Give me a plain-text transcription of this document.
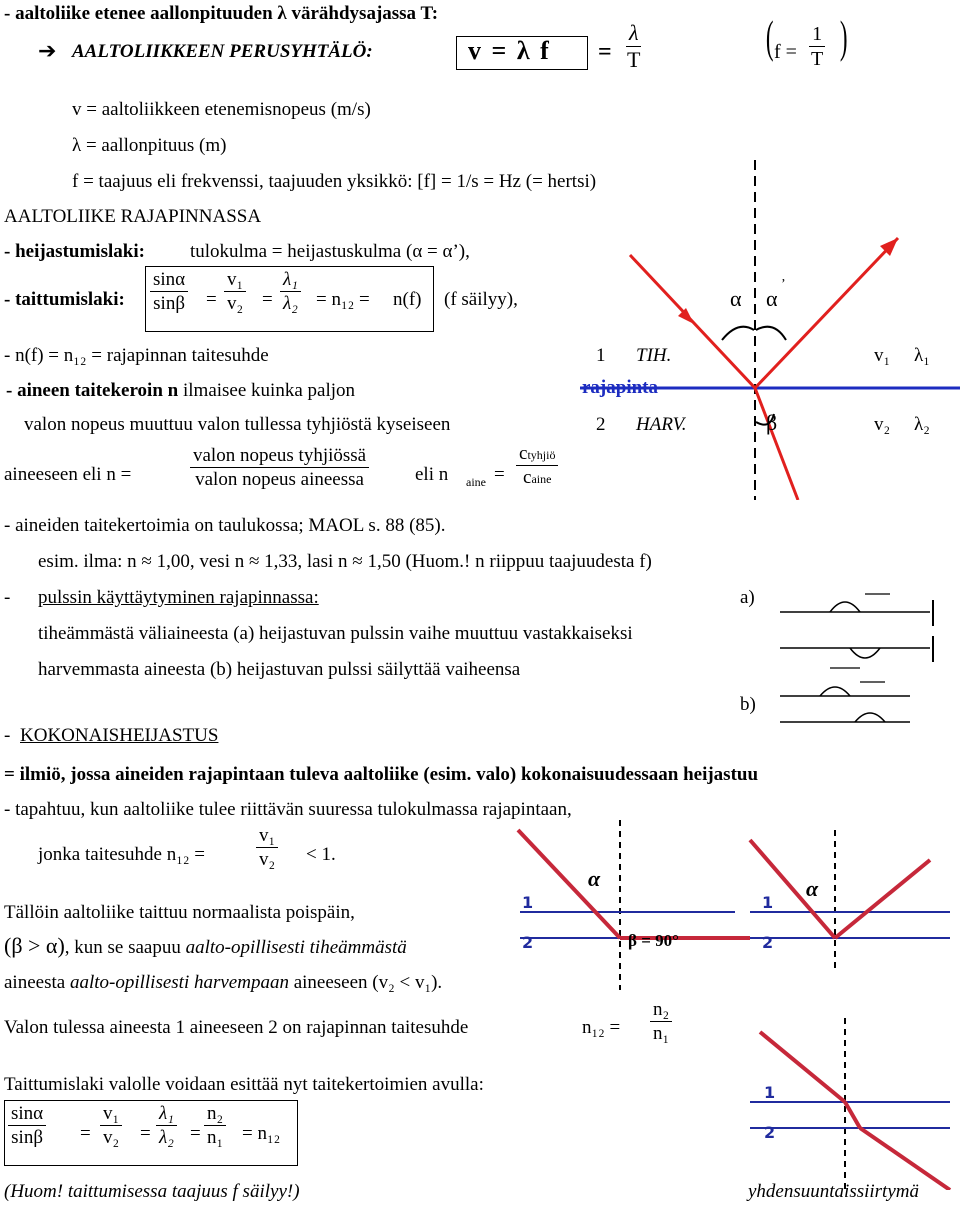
- aaltoliike etenee aallonpituuden λ värähdysajassa T:
➔ AALTOLIIKKEEN PERUSYHTÄLÖ:	v = λ $f = \frac{\lambda}{T}$	( $f = \frac{1}{T}$ )
v = aaltoliikkeen etenemisnopeus (m/s)
λ = aallonpituus (m)
f = taajuus eli frekvenssi, taajuuden yksikkö: [f] = 1/s = Hz (= hertsi)
AALTOLIIKE RAJAPINNASSA
- heijastumislaki: tulokulma = heijastuskulma (α = α’),
- taittumislaki: $\frac{\sin\alpha}{\sin\beta} = \frac{\text{v₁}}{\text{v₂}} = \frac{\text{λ₁}}{\text{λ₂}} = n_{12} = n(f)$ (f säilyy),
- n(f) = n₁₂ = rajapinnan taitesuhde
- aineen taitekeroin n ilmaisee kuinka paljon
valon nopeus muuttuu valon tullessa tyhjiöstä kyseiseen
aineeseen eli n =
valon nopeus tyhjiössä
valon nopeus aineessa	eli n aine =
ctyhjiö
caine
- aineiden taitekertoimia on taulukossa; MAOL s. 88 (85).
esim. ilma: n ≈ 1,00, vesi n ≈ 1,33, lasi n ≈ 1,50 (Huom.! n riippuu taajuudesta f)
- pulssin käyttäytyminen rajapinnassa:	a)
tiheämmästä väliaineesta (a) heijastuvan pulssin vaihe muuttuu vastakkaiseksi
harvemmasta aineesta (b) heijastuvan pulssi säilyttää vaiheensa
b)
- KOKONAISHEIJASTUS
= ilmiö, jossa aineiden rajapintaan tuleva aaltoliike (esim. valo) kokonaisuudessaan heijastuu
- tapahtuu, kun aaltoliike tulee riittävän suuressa tulokulmassa rajapintaan,
jonka taitesuhde n₁₂ =	$\frac{\text{v₁}}{\text{v₂}} < 1$.
Tällöin aaltoliike taittuu normaalista poispäin,
(β > α), kun se saapuu aalto-opillisesti tiheämmästä
aineesta aalto-opillisesti harvempaan aineeseen (v₂ < v₁).
Valon tulessa aineesta 1 aineeseen 2 on rajapinnan taitesuhde	$n_{12} = \frac{\text{n₂}}{\text{n₁}}$
Taittumislaki valolle voidaan esittää nyt taitekertoimien avulla:
$\frac{\sin\alpha}{\sin\beta} = \frac{\text{v₁}}{\text{v₂}} = \frac{\text{λ₁}}{\text{λ₂}} = \frac{\text{n₂}}{\text{n₁}} = n_{12}$
(Huom! taittumisessa taajuus f säilyy!)	yhdensuuntaissiirtymä
α α
’
1 TIH.	v₁ λ₁
rajapinta
2 HARV.	β	v₂ λ₂
1
2
1
2
1
2
α	α
β = 90°
